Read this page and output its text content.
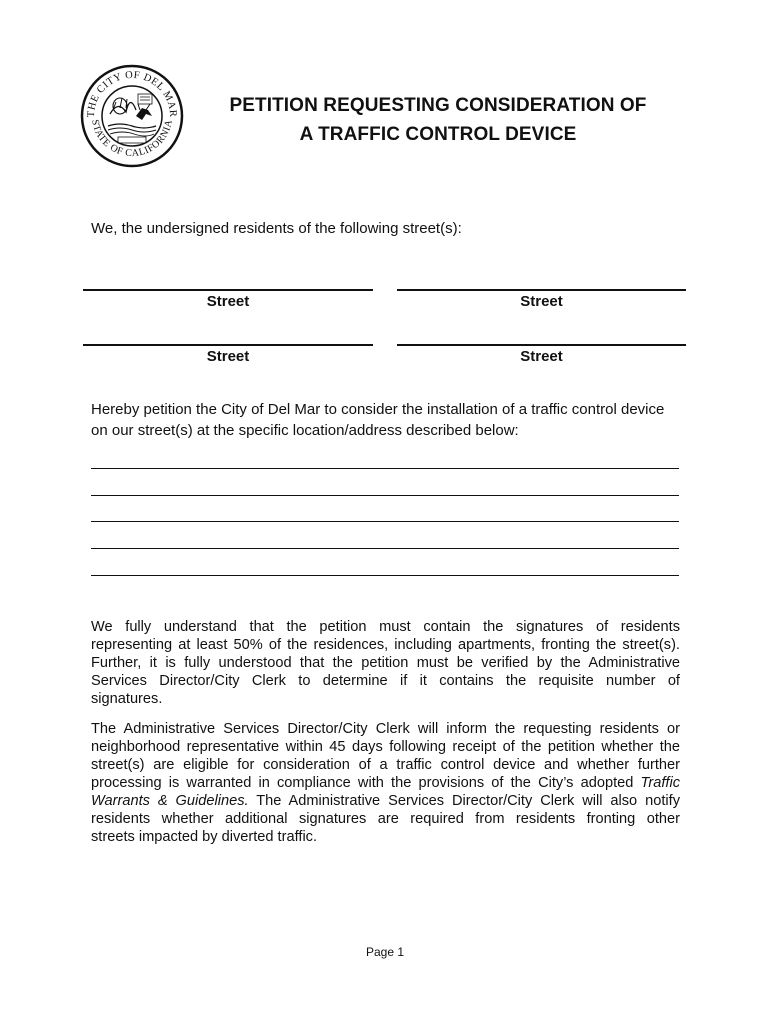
THE CITY OF DEL MAR
STATE OF CALIFORNIA
PETITION REQUESTING CONSIDERATION OF
A TRAFFIC CONTROL DEVICE
We, the undersigned residents of the following street(s):
Street	Street
Street	Street
Hereby petition the City of Del Mar to consider the installation of a traffic control device
on our street(s) at the specific location/address described below:
We fully understand that the petition must contain the signatures of residents
representing at least 50% of the residences, including apartments, fronting the street(s).
Further, it is fully understood that the petition must be verified by the Administrative
Services Director/City Clerk to determine if it contains the requisite number of
signatures.
The Administrative Services Director/City Clerk will inform the requesting residents or
neighborhood representative within 45 days following receipt of the petition whether the
street(s) are eligible for consideration of a traffic control device and whether further
processing is warranted in compliance with the provisions of the City’s adopted Traffic
Warrants & Guidelines. The Administrative Services Director/City Clerk will also notify
residents whether additional signatures are required from residents fronting other
streets impacted by diverted traffic.
Page 1
